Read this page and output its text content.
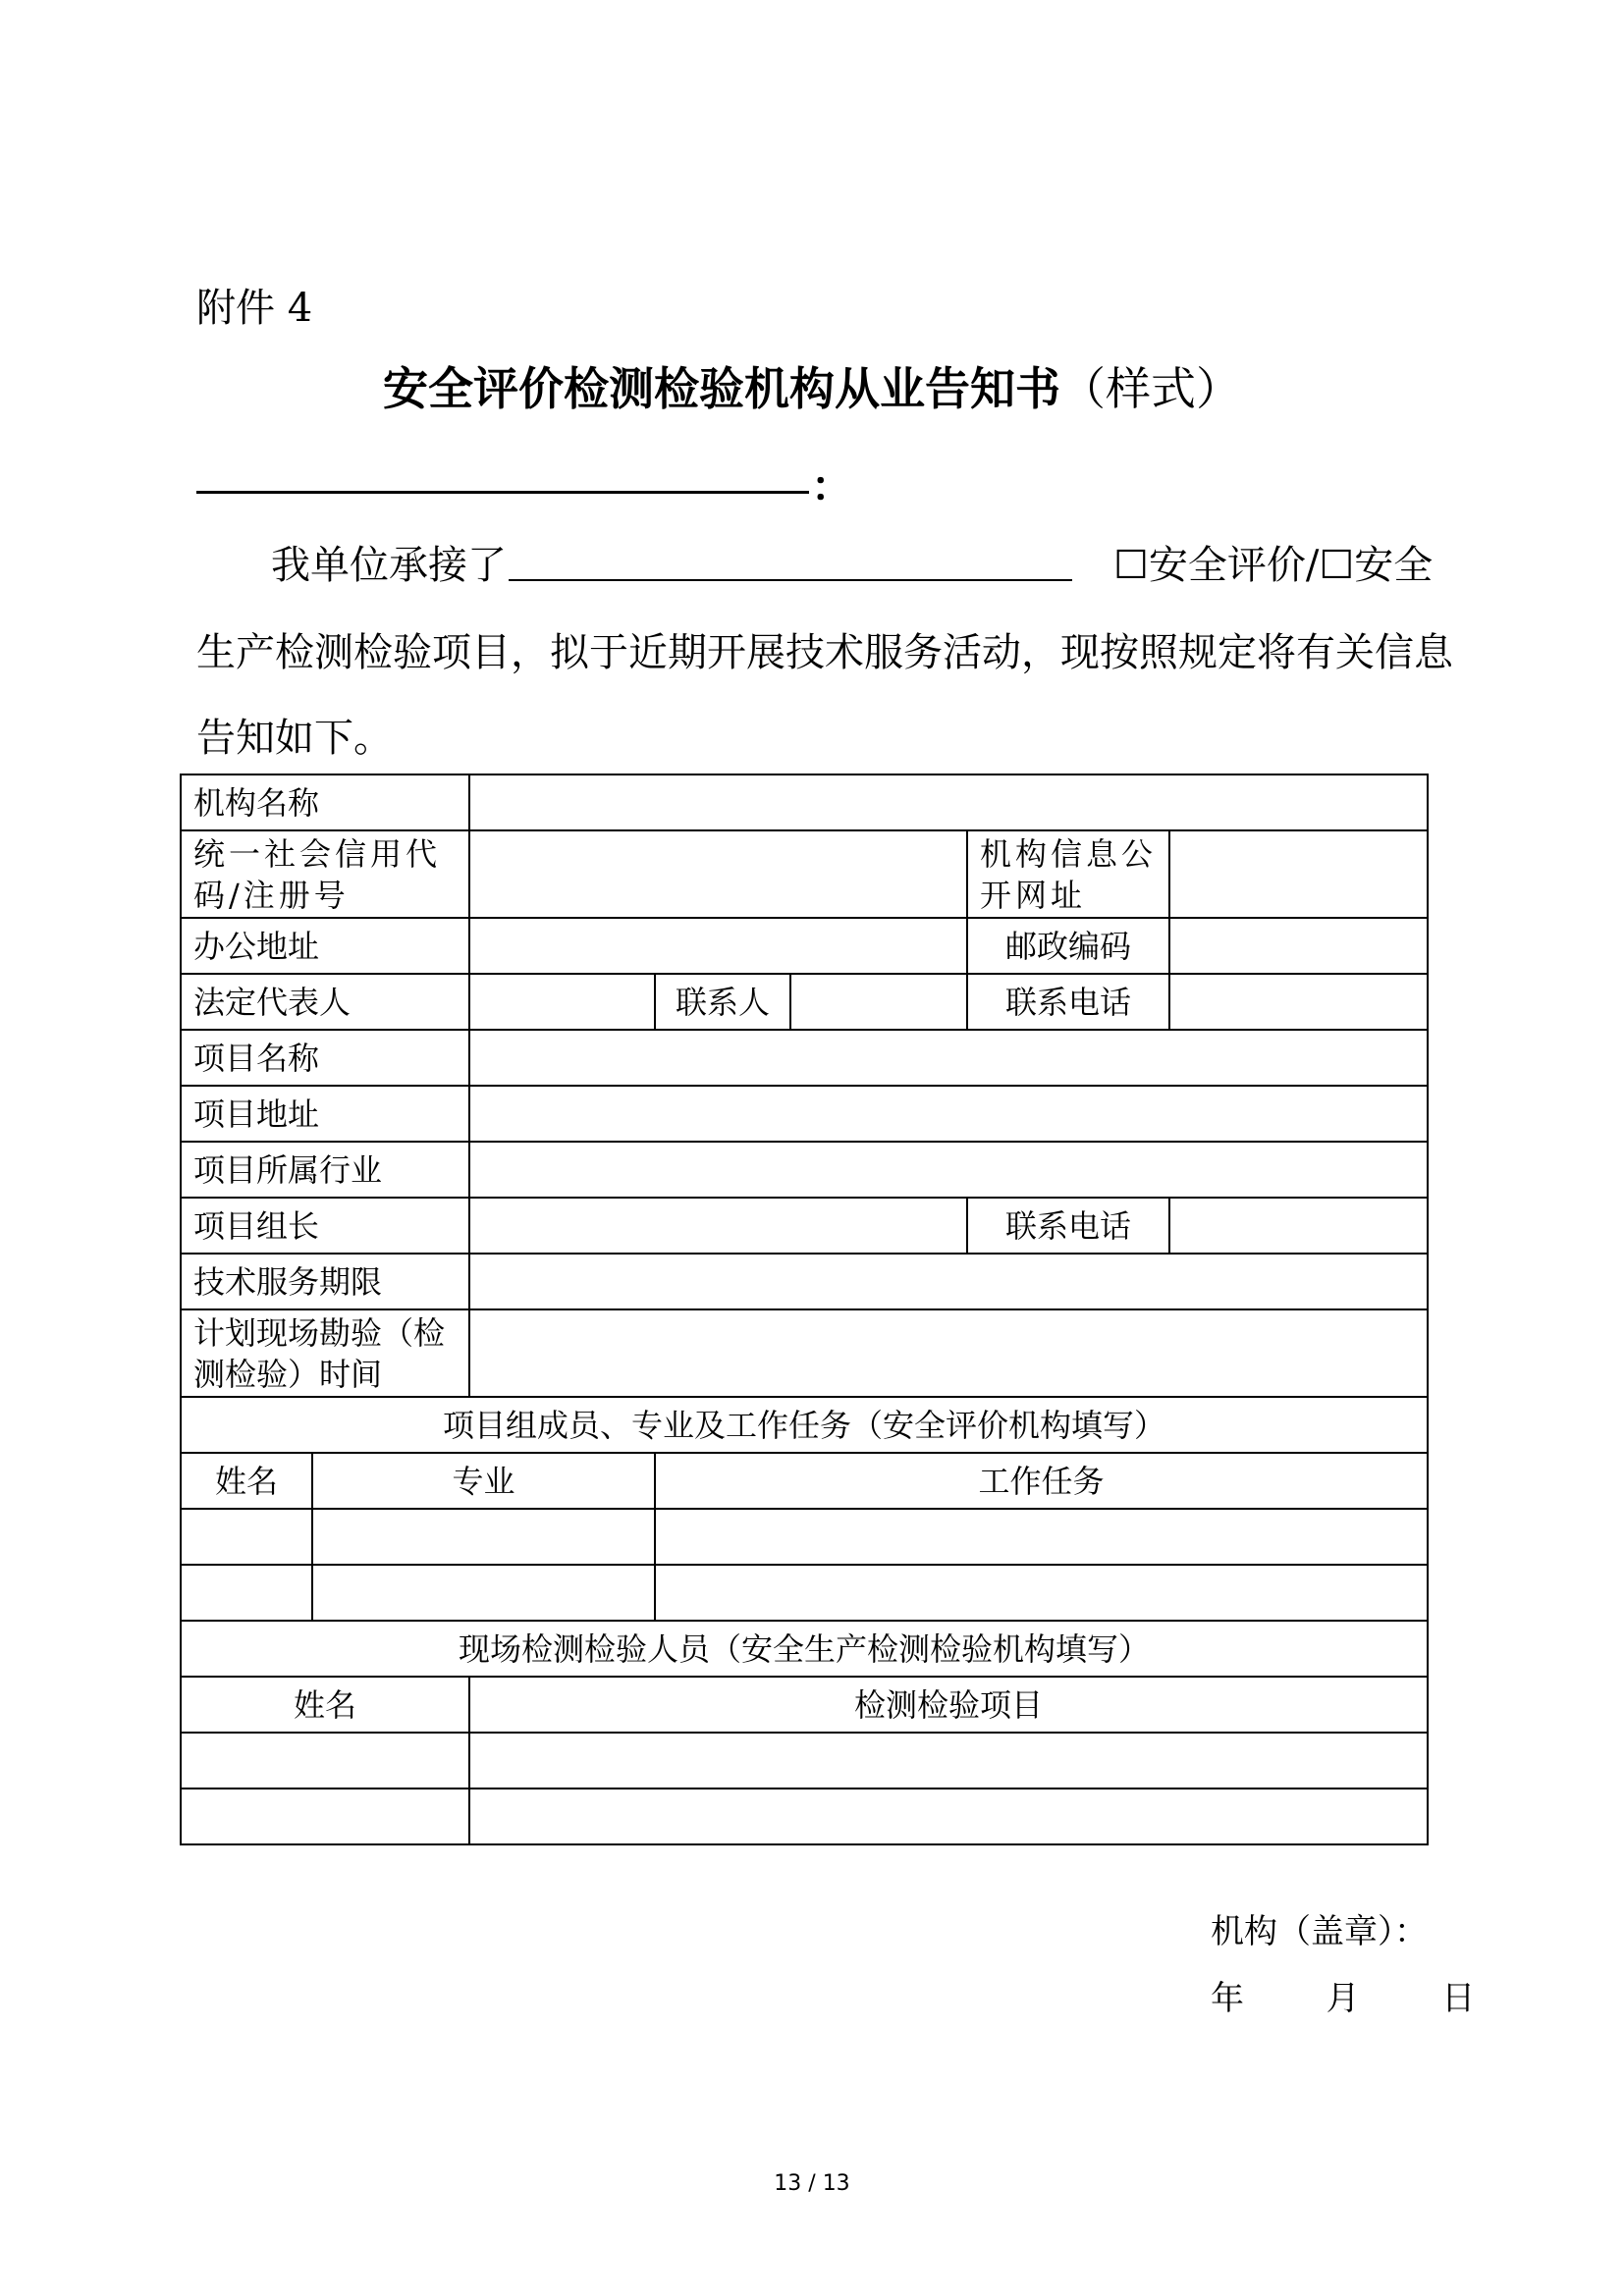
附件 4
安全评价检测检验机构从业告知书（样式）
：
我单位承接了	☐安全评价/☐安全
生产检测检验项目，拟于近期开展技术服务活动，现按照规定将有关信息
告知如下。
机构名称						
统一社会信用代码/注册号					机构信息公开网址	
办公地址					邮政编码	
法定代表人			联系人		联系电话	
项目名称						
项目地址						
项目所属行业						
项目组长					联系电话	
技术服务期限						
计划现场勘验（检测检验）时间						
项目组成员、专业及工作任务（安全评价机构填写）						
姓名	专业		工作任务			

现场检测检验人员（安全生产检测检验机构填写）						
姓名		检测检验项目				

机构（盖章）：
年 月 日
13 / 13
